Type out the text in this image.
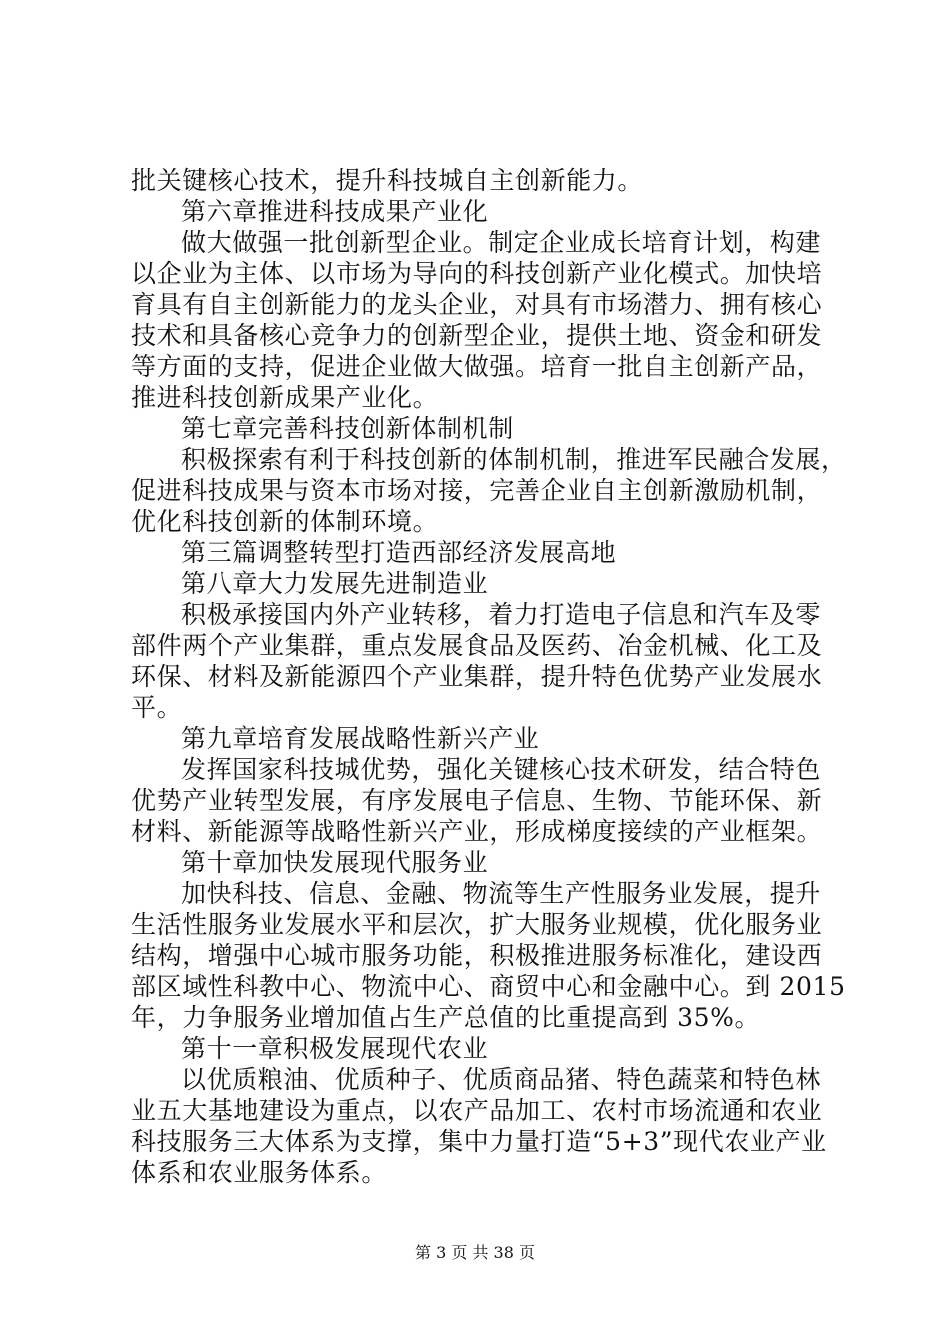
批关键核心技术，提升科技城自主创新能力。
第六章推进科技成果产业化
做大做强一批创新型企业。制定企业成长培育计划，构建
以企业为主体、以市场为导向的科技创新产业化模式。加快培
育具有自主创新能力的龙头企业，对具有市场潜力、拥有核心
技术和具备核心竞争力的创新型企业，提供土地、资金和研发
等方面的支持，促进企业做大做强。培育一批自主创新产品，
推进科技创新成果产业化。
第七章完善科技创新体制机制
积极探索有利于科技创新的体制机制，推进军民融合发展，
促进科技成果与资本市场对接，完善企业自主创新激励机制，
优化科技创新的体制环境。
第三篇调整转型打造西部经济发展高地
第八章大力发展先进制造业
积极承接国内外产业转移，着力打造电子信息和汽车及零
部件两个产业集群，重点发展食品及医药、冶金机械、化工及
环保、材料及新能源四个产业集群，提升特色优势产业发展水
平。
第九章培育发展战略性新兴产业
发挥国家科技城优势，强化关键核心技术研发，结合特色
优势产业转型发展，有序发展电子信息、生物、节能环保、新
材料、新能源等战略性新兴产业，形成梯度接续的产业框架。
第十章加快发展现代服务业
加快科技、信息、金融、物流等生产性服务业发展，提升
生活性服务业发展水平和层次，扩大服务业规模，优化服务业
结构，增强中心城市服务功能，积极推进服务标准化，建设西
部区域性科教中心、物流中心、商贸中心和金融中心。到 2015
年，力争服务业增加值占生产总值的比重提高到 35%。
第十一章积极发展现代农业
以优质粮油、优质种子、优质商品猪、特色蔬菜和特色林
业五大基地建设为重点，以农产品加工、农村市场流通和农业
科技服务三大体系为支撑，集中力量打造“5+3”现代农业产业
体系和农业服务体系。
第 3 页 共 38 页
